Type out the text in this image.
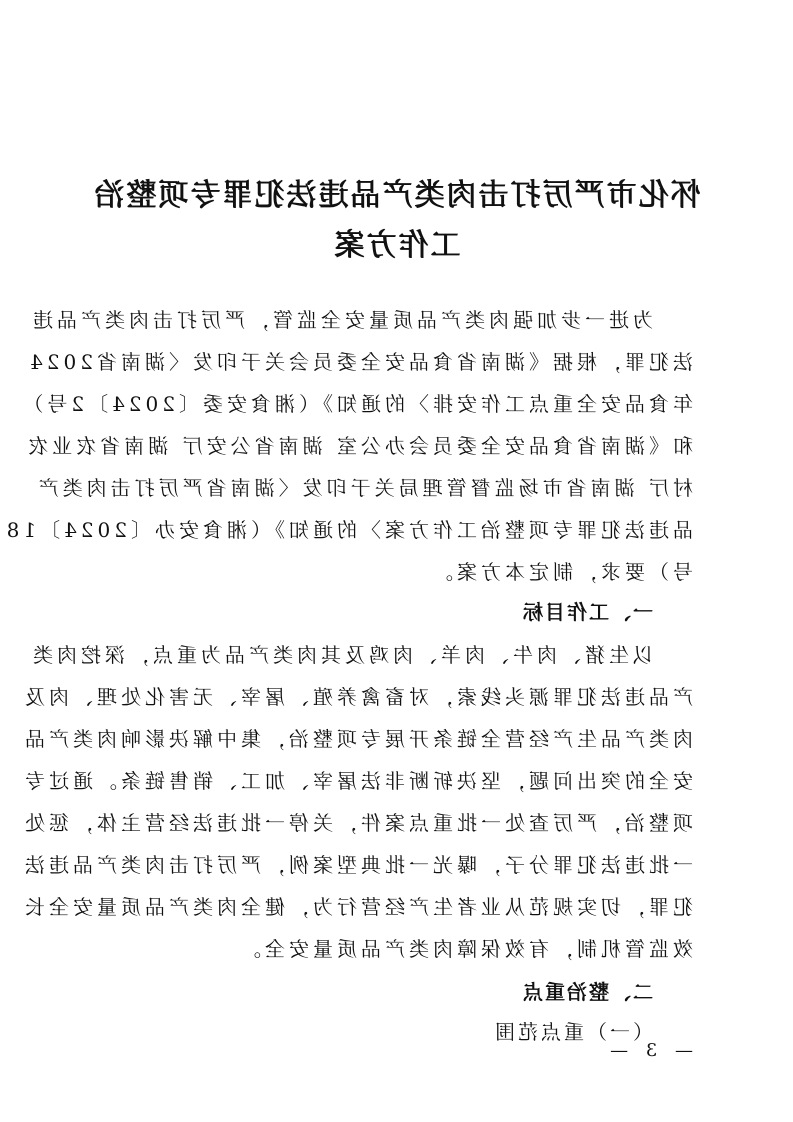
怀化市严厉打击肉类产品违法犯罪专项整治
工作方案

为进一步加强肉类产品质量安全监管，严厉打击肉类产品违

法犯罪，根据《湖南省食品安全委员会关于印发〈湖南省2024

年食品安全重点工作安排〉的通知》（湘食安委〔2024〕2号）

和《湖南省食品安全委员会办公室 湖南省公安厅 湖南省农业农

村厅 湖南省市场监督管理局关于印发〈湖南省严厉打击肉类产

品违法犯罪专项整治工作方案〉的通知》（湘食安办〔2024〕18

号）要求，制定本方案。

一、工作目标

以生猪、肉牛、肉羊、肉鸡及其肉类产品为重点，深挖肉类

产品违法犯罪源头线索，对畜禽养殖、屠宰、无害化处理、肉及

肉类产品生产经营全链条开展专项整治，集中解决影响肉类产品

安全的突出问题，坚决斩断非法屠宰、加工、销售链条。通过专

项整治，严厉查处一批重点案件，关停一批违法经营主体，惩处

一批违法犯罪分子，曝光一批典型案例，严厉打击肉类产品违法

犯罪，切实规范从业者生产经营行为，健全肉类产品质量安全长

效监管机制，有效保障肉类产品质量安全。

二、整治重点

（一）重点范围

— 3 —
